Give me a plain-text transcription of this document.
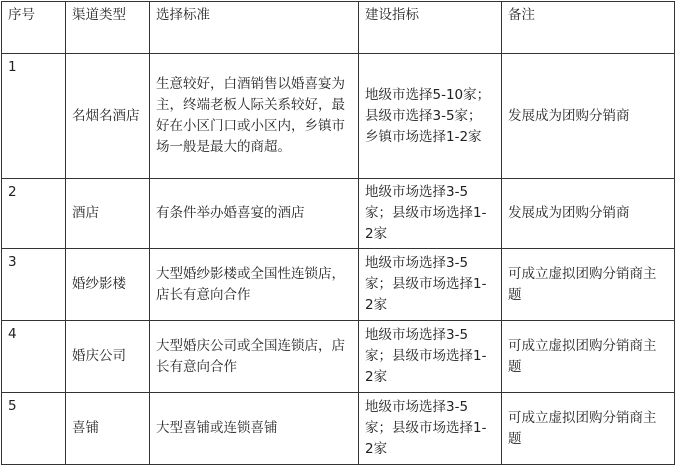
序号	渠道类型	选择标准	建设指标	备注
1	名烟名酒店	生意较好，白酒销售以婚喜宴为主，终端老板人际关系较好，最好在小区门口或小区内，乡镇市场一般是最大的商超。	地级市选择5-10家；县级市选择3-5家；乡镇市场选择1-2家	发展成为团购分销商
2	酒店	有条件举办婚喜宴的酒店	地级市场选择3-5家；县级市场选择1-2家	发展成为团购分销商
3	婚纱影楼	大型婚纱影楼或全国性连锁店，店长有意向合作	地级市场选择3-5家；县级市场选择1-2家	可成立虚拟团购分销商主题
4	婚庆公司	大型婚庆公司或全国连锁店，店长有意向合作	地级市场选择3-5家；县级市场选择1-2家	可成立虚拟团购分销商主题
5	喜铺	大型喜铺或连锁喜铺	地级市场选择3-5家；县级市场选择1-2家	可成立虚拟团购分销商主题
